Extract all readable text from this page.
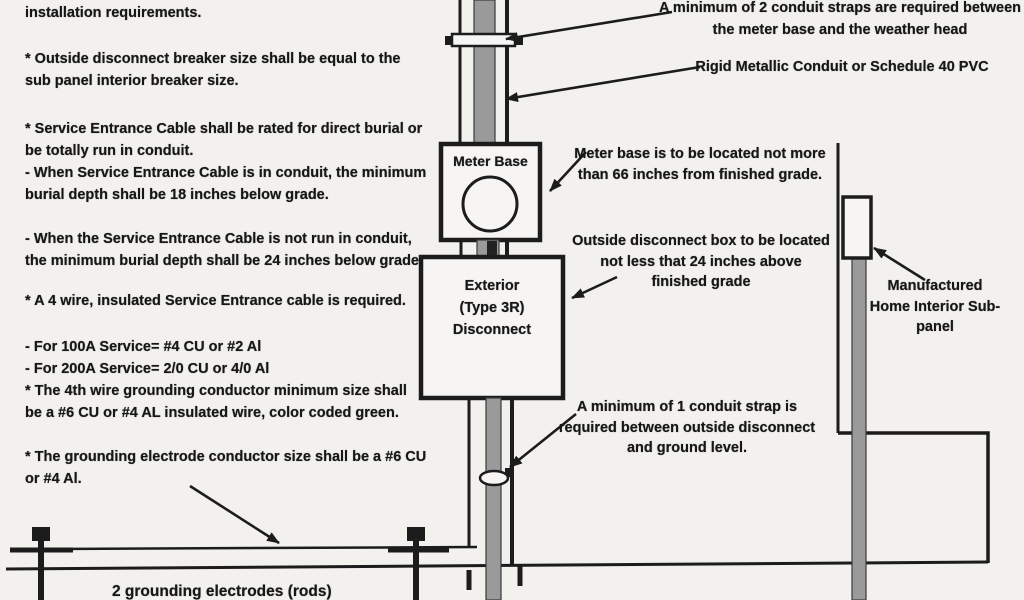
installation requirements.
* Outside disconnect breaker size shall be equal to the sub panel interior breaker size.
* Service Entrance Cable shall be rated for direct burial or be totally run in conduit.
- When Service Entrance Cable is in conduit, the minimum burial depth shall be 18 inches below grade.
- When the Service Entrance Cable is not run in conduit, the minimum burial depth shall be 24 inches below grade.
* A 4 wire, insulated Service Entrance cable is required.
- For 100A Service= #4 CU or #2 Al
- For 200A Service= 2/0 CU or 4/0 Al
* The 4th wire grounding conductor minimum size shall be a #6 CU or #4 AL insulated wire, color coded green.
* The grounding electrode conductor size shall be a #6 CU or #4 Al.
A minimum of 2 conduit straps are required between the meter base and the weather head
Rigid Metallic Conduit or Schedule 40 PVC
Meter base is to be located not more than 66 inches from finished grade.
Outside disconnect box to be located not less that 24 inches above finished grade
A minimum of 1 conduit strap is required between outside disconnect and ground level.
Manufactured Home Interior Sub-panel
2 grounding electrodes (rods)
Meter Base
Exterior
(Type 3R)
Disconnect
